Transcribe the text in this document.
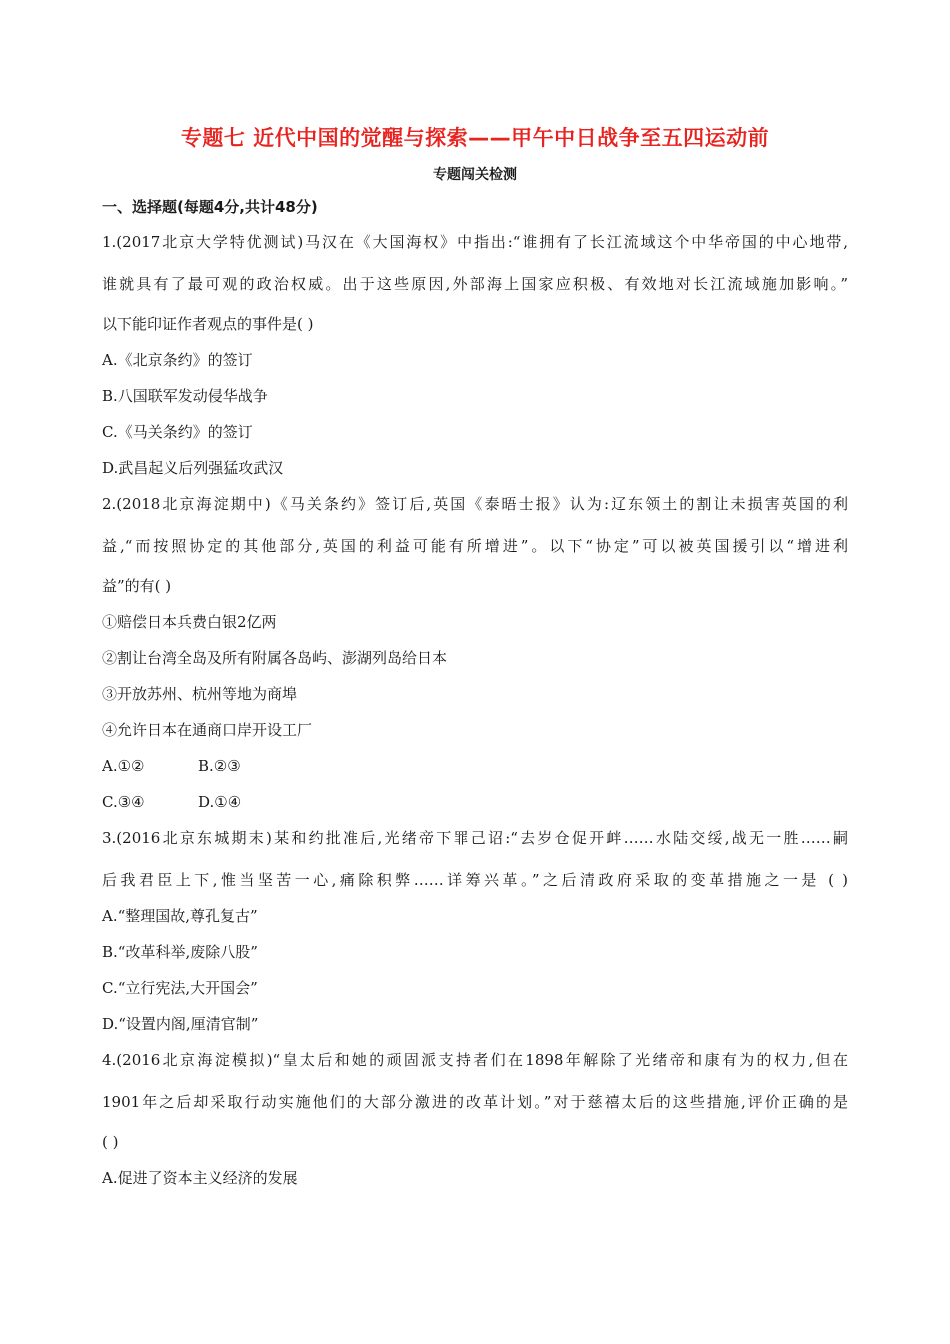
专题七 近代中国的觉醒与探索——甲午中日战争至五四运动前
专题闯关检测
一、选择题(每题4分,共计48分)
1.(2017北京大学特优测试)马汉在《大国海权》中指出:“谁拥有了长江流域这个中华帝国的中心地带,
谁就具有了最可观的政治权威。出于这些原因,外部海上国家应积极、有效地对长江流域施加影响。”
以下能印证作者观点的事件是( )
A.《北京条约》的签订
B.八国联军发动侵华战争
C.《马关条约》的签订
D.武昌起义后列强猛攻武汉
2.(2018北京海淀期中)《马关条约》签订后,英国《泰晤士报》认为:辽东领土的割让未损害英国的利
益,“而按照协定的其他部分,英国的利益可能有所增进”。以下“协定”可以被英国援引以“增进利
益”的有( )
①赔偿日本兵费白银2亿两
②割让台湾全岛及所有附属各岛屿、澎湖列岛给日本
③开放苏州、杭州等地为商埠
④允许日本在通商口岸开设工厂
A.①②	B.②③
C.③④	D.①④
3.(2016北京东城期末)某和约批准后,光绪帝下罪己诏:“去岁仓促开衅……水陆交绥,战无一胜……嗣
后我君臣上下,惟当坚苦一心,痛除积弊……详筹兴革。”之后清政府采取的变革措施之一是 ( )
A.“整理国故,尊孔复古”
B.“改革科举,废除八股”
C.“立行宪法,大开国会”
D.“设置内阁,厘清官制”
4.(2016北京海淀模拟)“皇太后和她的顽固派支持者们在1898年解除了光绪帝和康有为的权力,但在
1901年之后却采取行动实施他们的大部分激进的改革计划。”对于慈禧太后的这些措施,评价正确的是
( )
A.促进了资本主义经济的发展
